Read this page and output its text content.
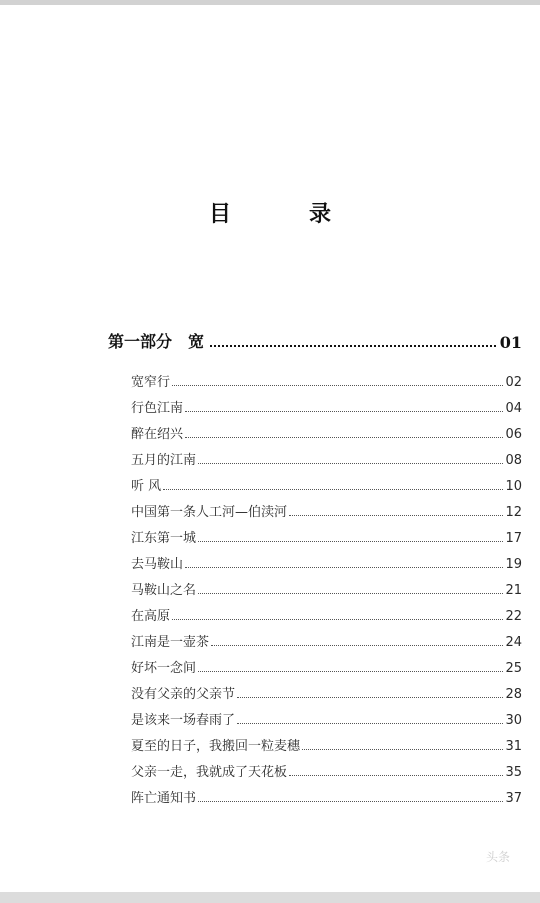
目　录
第一部分　宽	01
宽窄行	02
行色江南	04
醉在绍兴	06
五月的江南	08
听 风	10
中国第一条人工河—伯渎河	12
江东第一城	17
去马鞍山	19
马鞍山之名	21
在高原	22
江南是一壶茶	24
好坏一念间	25
没有父亲的父亲节	28
是该来一场春雨了	30
夏至的日子，我搬回一粒麦穗	31
父亲一走，我就成了天花板	35
阵亡通知书	37
头条
